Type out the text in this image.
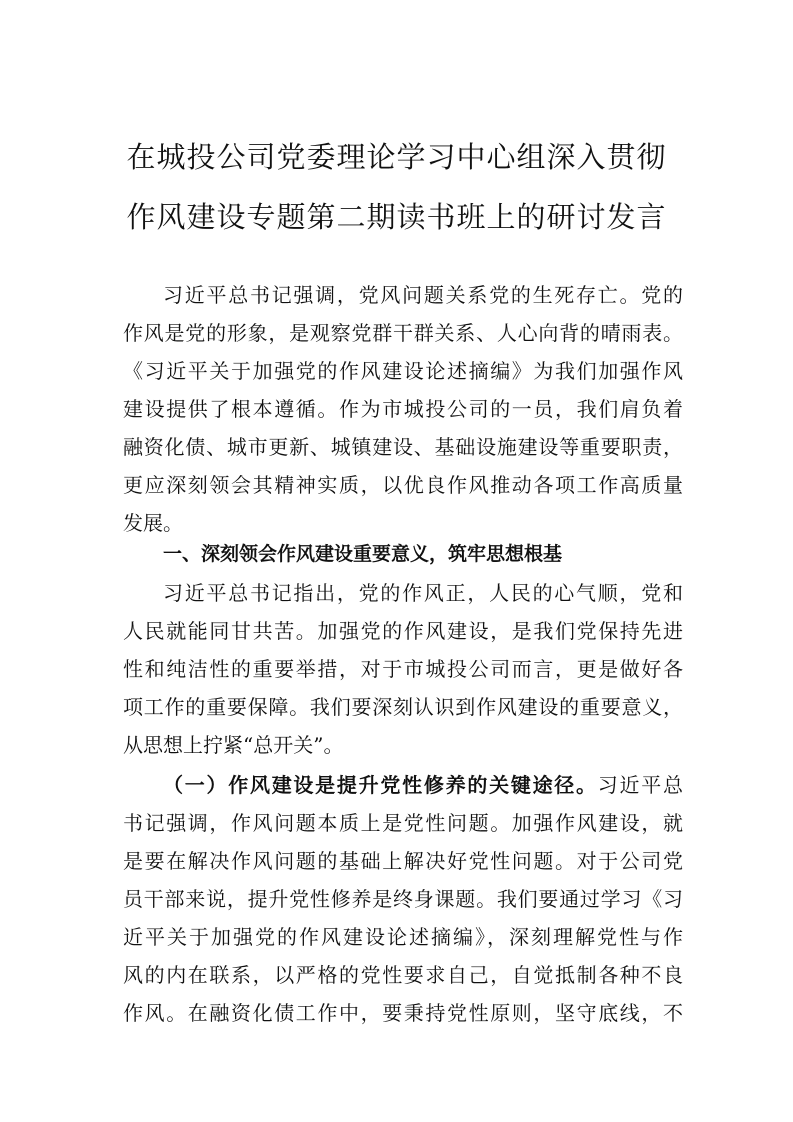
在城投公司党委理论学习中心组深入贯彻
作风建设专题第二期读书班上的研讨发言
习近平总书记强调，党风问题关系党的生死存亡。党的
作风是党的形象，是观察党群干群关系、人心向背的晴雨表。
《习近平关于加强党的作风建设论述摘编》为我们加强作风
建设提供了根本遵循。作为市城投公司的一员，我们肩负着
融资化债、城市更新、城镇建设、基础设施建设等重要职责，
更应深刻领会其精神实质，以优良作风推动各项工作高质量
发展。
一、深刻领会作风建设重要意义，筑牢思想根基
习近平总书记指出，党的作风正，人民的心气顺，党和
人民就能同甘共苦。加强党的作风建设，是我们党保持先进
性和纯洁性的重要举措，对于市城投公司而言，更是做好各
项工作的重要保障。我们要深刻认识到作风建设的重要意义，
从思想上拧紧“总开关”。
（一）作风建设是提升党性修养的关键途径。习近平总
书记强调，作风问题本质上是党性问题。加强作风建设，就
是要在解决作风问题的基础上解决好党性问题。对于公司党
员干部来说，提升党性修养是终身课题。我们要通过学习《习
近平关于加强党的作风建设论述摘编》，深刻理解党性与作
风的内在联系，以严格的党性要求自己，自觉抵制各种不良
作风。在融资化债工作中，要秉持党性原则，坚守底线，不
